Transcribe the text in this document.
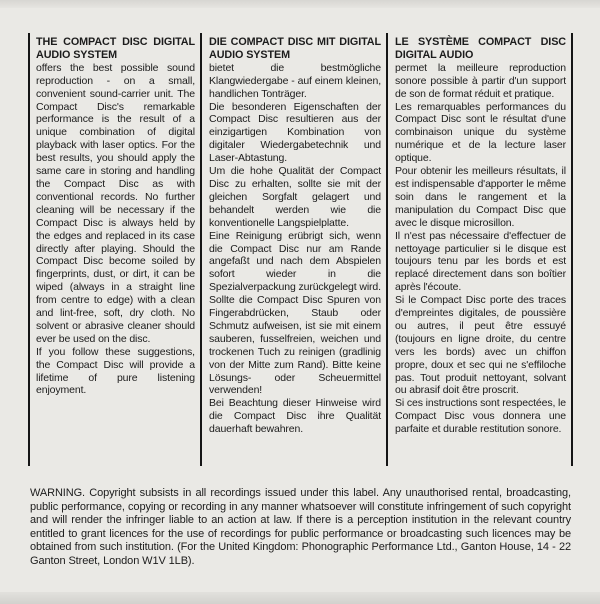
THE COMPACT DISC DIGITAL
AUDIO SYSTEM

offers the best possible sound reproduction - on a small, convenient sound-carrier unit. The Compact Disc's remarkable performance is the result of a unique combination of digital playback with laser optics. For the best results, you should apply the same care in storing and handling the Compact Disc as with conventional records. No further cleaning will be necessary if the Compact Disc is always held by the edges and replaced in its case directly after playing. Should the Compact Disc become soiled by fingerprints, dust, or dirt, it can be wiped (always in a straight line from centre to edge) with a clean and lint-free, soft, dry cloth. No solvent or abrasive cleaner should ever be used on the disc.

If you follow these suggestions, the Compact Disc will provide a lifetime of pure listening enjoyment.

DIE COMPACT DISC MIT DIGITAL
AUDIO SYSTEM

bietet die bestmögliche Klangwiedergabe - auf einem kleinen, handlichen Tonträger.

Die besonderen Eigenschaften der Compact Disc resultieren aus der einzigartigen Kombination von digitaler Wiedergabetechnik und Laser-Abtastung.

Um die hohe Qualität der Compact Disc zu erhalten, sollte sie mit der gleichen Sorgfalt gelagert und behandelt werden wie die konventionelle Langspielplatte.

Eine Reinigung erübrigt sich, wenn die Compact Disc nur am Rande angefaßt und nach dem Abspielen sofort wieder in die Spezialverpackung zurückgelegt wird.

Sollte die Compact Disc Spuren von Fingerabdrücken, Staub oder Schmutz aufweisen, ist sie mit einem sauberen, fusselfreien, weichen und trockenen Tuch zu reinigen (gradlinig von der Mitte zum Rand). Bitte keine Lösungs- oder Scheuermittel verwenden!

Bei Beachtung dieser Hinweise wird die Compact Disc ihre Qualität dauerhaft bewahren.

LE SYSTÈME COMPACT DISC
DIGITAL AUDIO

permet la meilleure reproduction sonore possible à partir d'un support de son de format réduit et pratique.

Les remarquables performances du Compact Disc sont le résultat d'une combinaison unique du système numérique et de la lecture laser optique.

Pour obtenir les meilleurs résultats, il est indispensable d'apporter le même soin dans le rangement et la manipulation du Compact Disc que avec le disque microsillon.

Il n'est pas nécessaire d'effectuer de nettoyage particulier si le disque est toujours tenu par les bords et est replacé directement dans son boîtier après l'écoute.

Si le Compact Disc porte des traces d'empreintes digitales, de poussière ou autres, il peut être essuyé (toujours en ligne droite, du centre vers les bords) avec un chiffon propre, doux et sec qui ne s'effiloche pas. Tout produit nettoyant, solvant ou abrasif doit être proscrit.

Si ces instructions sont respectées, le Compact Disc vous donnera une parfaite et durable restitution sonore.

WARNING. Copyright subsists in all recordings issued under this label. Any unauthorised rental, broadcasting, public performance, copying or recording in any manner whatsoever will constitute infringement of such copyright and will render the infringer liable to an action at law. If there is a perception institution in the relevant country entitled to grant licences for the use of recordings for public performance or broadcasting such licences may be obtained from such institution. (For the United Kingdom: Phonographic Performance Ltd., Ganton House, 14 - 22 Ganton Street, London W1V 1LB).
